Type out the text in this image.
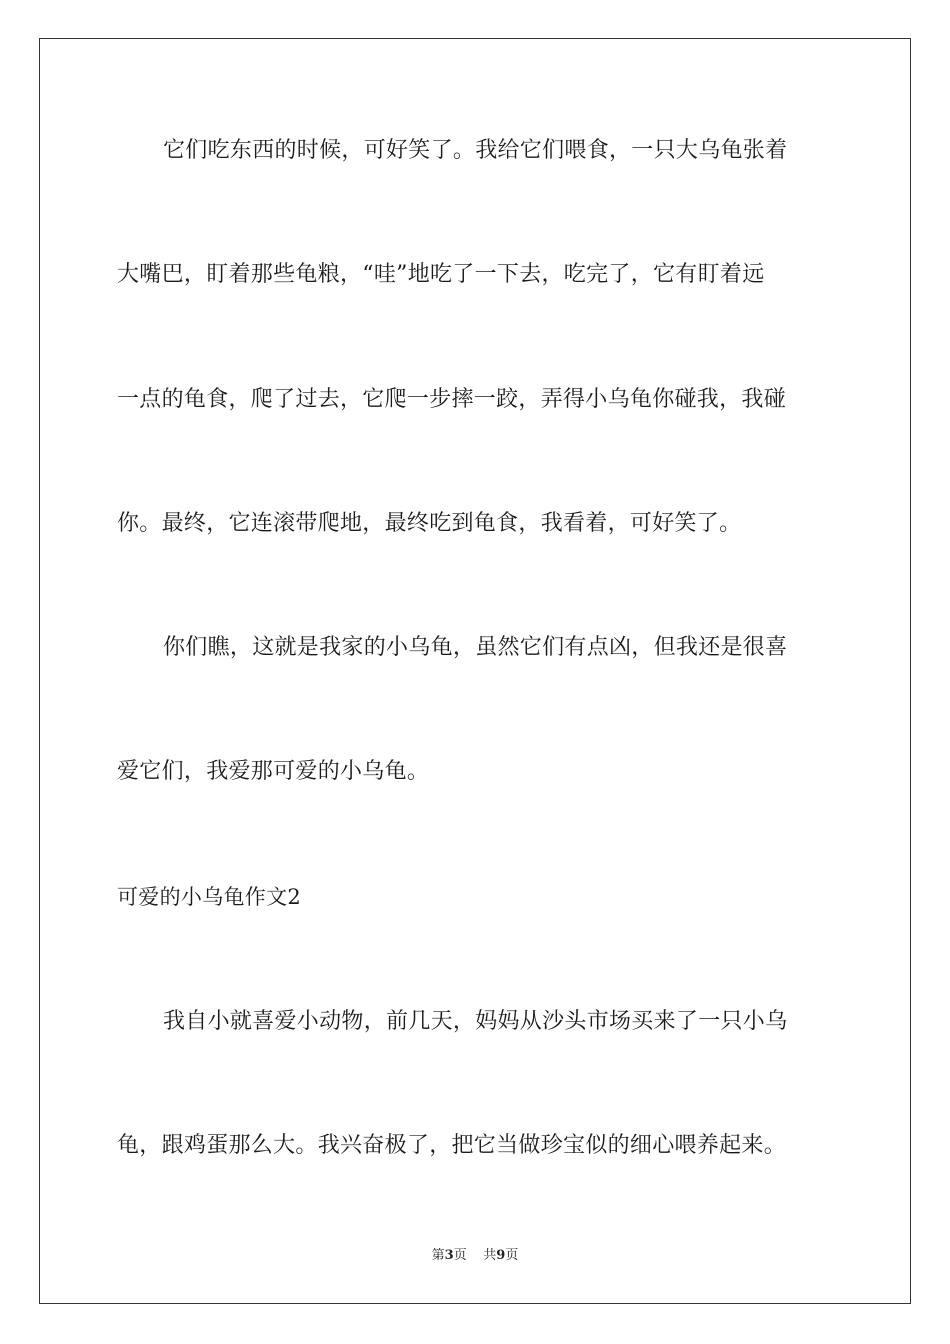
它们吃东西的时候，可好笑了。我给它们喂食，一只大乌龟张着
大嘴巴，盯着那些龟粮，“哇”地吃了一下去，吃完了，它有盯着远
一点的龟食，爬了过去，它爬一步摔一跤，弄得小乌龟你碰我，我碰
你。最终，它连滚带爬地，最终吃到龟食，我看着，可好笑了。
你们瞧，这就是我家的小乌龟，虽然它们有点凶，但我还是很喜
爱它们，我爱那可爱的小乌龟。
可爱的小乌龟作文2
我自小就喜爱小动物，前几天，妈妈从沙头市场买来了一只小乌
龟，跟鸡蛋那么大。我兴奋极了，把它当做珍宝似的细心喂养起来。
第3页 共9页
